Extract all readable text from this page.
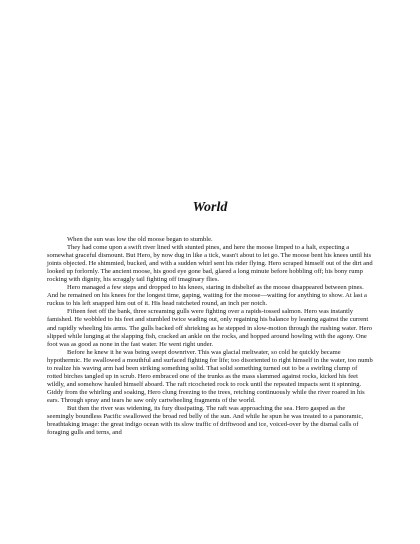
World

When the sun was low the old moose began to stumble.

They had come upon a swift river lined with stunted pines, and here the moose limped to a halt, expecting a somewhat graceful dismount. But Hero, by now dug in like a tick, wasn't about to let go. The moose bent his knees until his joints objected. He shimmied, bucked, and with a sudden whirl sent his rider flying. Hero scraped himself out of the dirt and looked up forlornly. The ancient moose, his good eye gone bad, glared a long minute before hobbling off; his bony rump rocking with dignity, his scraggly tail fighting off imaginary flies.

Hero managed a few steps and dropped to his knees, staring in disbelief as the moose disappeared between pines. And he remained on his knees for the longest time, gaping, waiting for the moose—waiting for anything to show. At last a ruckus to his left snapped him out of it. His head ratcheted round, an inch per notch.

Fifteen feet off the bank, three screaming gulls were fighting over a rapids-tossed salmon. Hero was instantly famished. He wobbled to his feet and stumbled twice wading out, only regaining his balance by leaning against the current and rapidly wheeling his arms. The gulls backed off shrieking as he stepped in slow-motion through the rushing water. Hero slipped while lunging at the slapping fish, cracked an ankle on the rocks, and hopped around howling with the agony. One foot was as good as none in the fast water. He went right under.

Before he knew it he was being swept downriver. This was glacial meltwater, so cold he quickly became hypothermic. He swallowed a mouthful and surfaced fighting for life; too disoriented to right himself in the water, too numb to realize his waving arm had been striking something solid. That solid something turned out to be a swirling clump of rotted birches tangled up in scrub. Hero embraced one of the trunks as the mass slammed against rocks, kicked his feet wildly, and somehow hauled himself aboard. The raft ricocheted rock to rock until the repeated impacts sent it spinning. Giddy from the whirling and soaking, Hero clung freezing to the trees, retching continuously while the river roared in his ears. Through spray and tears he saw only cartwheeling fragments of the world.

But then the river was widening, its fury dissipating. The raft was approaching the sea. Hero gasped as the seemingly boundless Pacific swallowed the broad red belly of the sun. And while he spun he was treated to a panoramic, breathtaking image: the great indigo ocean with its slow traffic of driftwood and ice, voiced-over by the dismal calls of foraging gulls and terns, and
